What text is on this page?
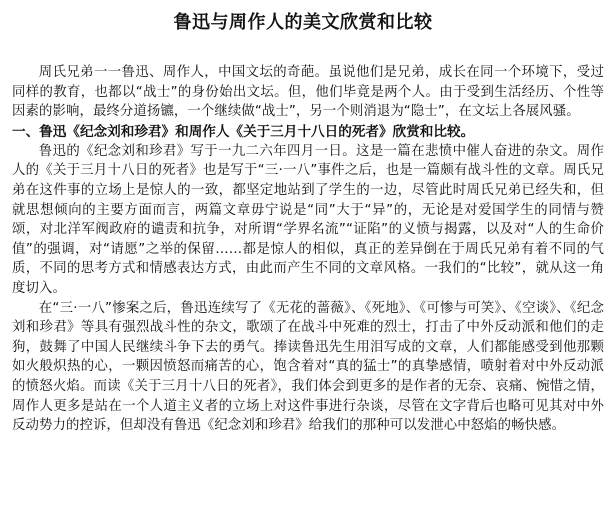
鲁迅与周作人的美文欣赏和比较

周氏兄弟一一鲁迅、周作人，中国文坛的奇葩。虽说他们是兄弟，成长在同一个环境下，受过同样的教育，也都以“战士”的身份始出文坛。但，他们毕竟是两个人。由于受到生活经历、个性等因素的影响，最终分道扬镳，一个继续做“战士”，另一个则消退为“隐士”，在文坛上各展风骚。

一、鲁迅《纪念刘和珍君》和周作人《关于三月十八日的死者》欣赏和比较。

鲁迅的《纪念刘和珍君》写于一九二六年四月一日。这是一篇在悲愤中催人奋进的杂文。周作人的《关于三月十八日的死者》也是写于“三·一八”事件之后，也是一篇颇有战斗性的文章。周氏兄弟在这件事的立场上是惊人的一致，都坚定地站到了学生的一边，尽管此时周氏兄弟已经失和，但就思想倾向的主要方面而言，两篇文章毋宁说是“同”大于“异”的，无论是对爱国学生的同情与赞颂，对北洋军阀政府的谴责和抗争，对所谓“学界名流”“证陷”的义愤与揭露，以及对“人的生命价值”的强调，对“请愿”之举的保留……都是惊人的相似，真正的差异倒在于周氏兄弟有着不同的气质，不同的思考方式和情感表达方式，由此而产生不同的文章风格。一我们的“比较”，就从这一角度切入。

在“三·一八”惨案之后，鲁迅连续写了《无花的蔷薇》、《死地》、《可惨与可笑》、《空谈》、《纪念刘和珍君》等具有强烈战斗性的杂文，歌颂了在战斗中死难的烈士，打击了中外反动派和他们的走狗，鼓舞了中国人民继续斗争下去的勇气。捧读鲁迅先生用泪写成的文章，人们都能感受到他那颗如火般炽热的心，一颗因愤怒而痛苦的心，饱含着对“真的猛士”的真挚感情，喷射着对中外反动派的愤怒火焰。而读《关于三月十八日的死者》，我们体会到更多的是作者的无奈、哀痛、惋惜之情，周作人更多是站在一个人道主义者的立场上对这件事进行杂谈，尽管在文字背后也略可见其对中外反动势力的控诉，但却没有鲁迅《纪念刘和珍君》给我们的那种可以发泄心中怒焰的畅快感。
